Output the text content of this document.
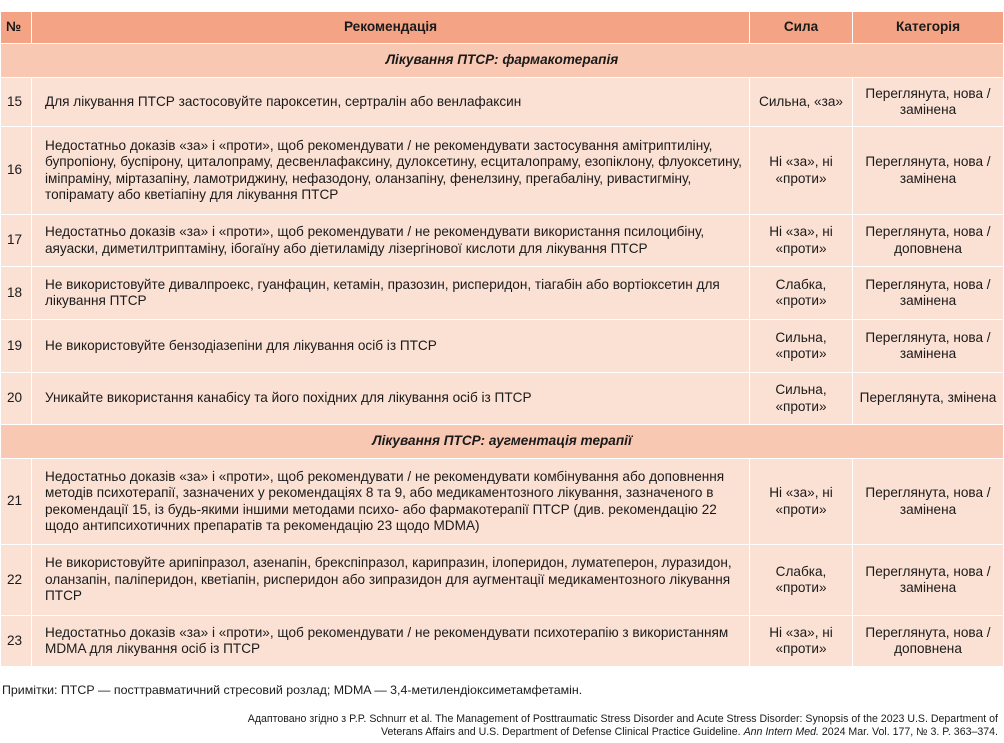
№	Рекомендація	Сила	Категорія
Лікування ПТСР: фармакотерапія			
15	Для лікування ПТСР застосовуйте пароксетин, сертралін або венлафаксин	Сильна, «за»	Переглянута, нова / замінена
16	Недостатньо доказів «за» і «проти», щоб рекомендувати / не рекомендувати застосування амітриптиліну, бупропіону, буспірону, циталопраму, десвенлафаксину, дулоксетину, есциталопраму, езопіклону, флуоксетину, іміпраміну, міртазапіну, ламотриджину, нефазодону, оланзапіну, фенелзину, прегабаліну, ривастигміну, топірамату або кветіапіну для лікування ПТСР	Ні «за», ні «проти»	Переглянута, нова / замінена
17	Недостатньо доказів «за» і «проти», щоб рекомендувати / не рекомендувати використання псилоцибіну, аяуаски, диметилтриптаміну, ібогаїну або діетиламіду лізергінової кислоти для лікування ПТСР	Ні «за», ні «проти»	Переглянута, нова / доповнена
18	Не використовуйте дивалпроекс, гуанфацин, кетамін, празозин, рисперидон, тіагабін або вортіоксетин для лікування ПТСР	Слабка, «проти»	Переглянута, нова / замінена
19	Не використовуйте бензодіазепіни для лікування осіб із ПТСР	Сильна, «проти»	Переглянута, нова / замінена
20	Уникайте використання канабісу та його похідних для лікування осіб із ПТСР	Сильна, «проти»	Переглянута, змінена
Лікування ПТСР: аугментація терапії			
21	Недостатньо доказів «за» і «проти», щоб рекомендувати / не рекомендувати комбінування або доповнення методів психотерапії, зазначених у рекомендаціях 8 та 9, або медикаментозного лікування, зазначеного в рекомендації 15, із будь-якими іншими методами психо- або фармакотерапії ПТСР (див. рекомендацію 22 щодо антипсихотичних препаратів та рекомендацію 23 щодо MDMA)	Ні «за», ні «проти»	Переглянута, нова / замінена
22	Не використовуйте арипіпразол, азенапін, брекспіпразол, карипразин, ілоперидон, луматеперон, луразидон, оланзапін, паліперидон, кветіапін, рисперидон або зипразидон для аугментації медикаментозного лікування ПТСР	Слабка, «проти»	Переглянута, нова / замінена
23	Недостатньо доказів «за» і «проти», щоб рекомендувати / не рекомендувати психотерапію з використанням MDMA для лікування осіб із ПТСР	Ні «за», ні «проти»	Переглянута, нова / доповнена
Примітки: ПТСР — посттравматичний стресовий розлад; MDMA — 3,4-метилендіоксиметамфетамін.
Адаптовано згідно з P.P. Schnurr et al. The Management of Posttraumatic Stress Disorder and Acute Stress Disorder: Synopsis of the 2023 U.S. Department of Veterans Affairs and U.S. Department of Defense Clinical Practice Guideline. Ann Intern Med. 2024 Mar. Vol. 177, № 3. P. 363–374.
